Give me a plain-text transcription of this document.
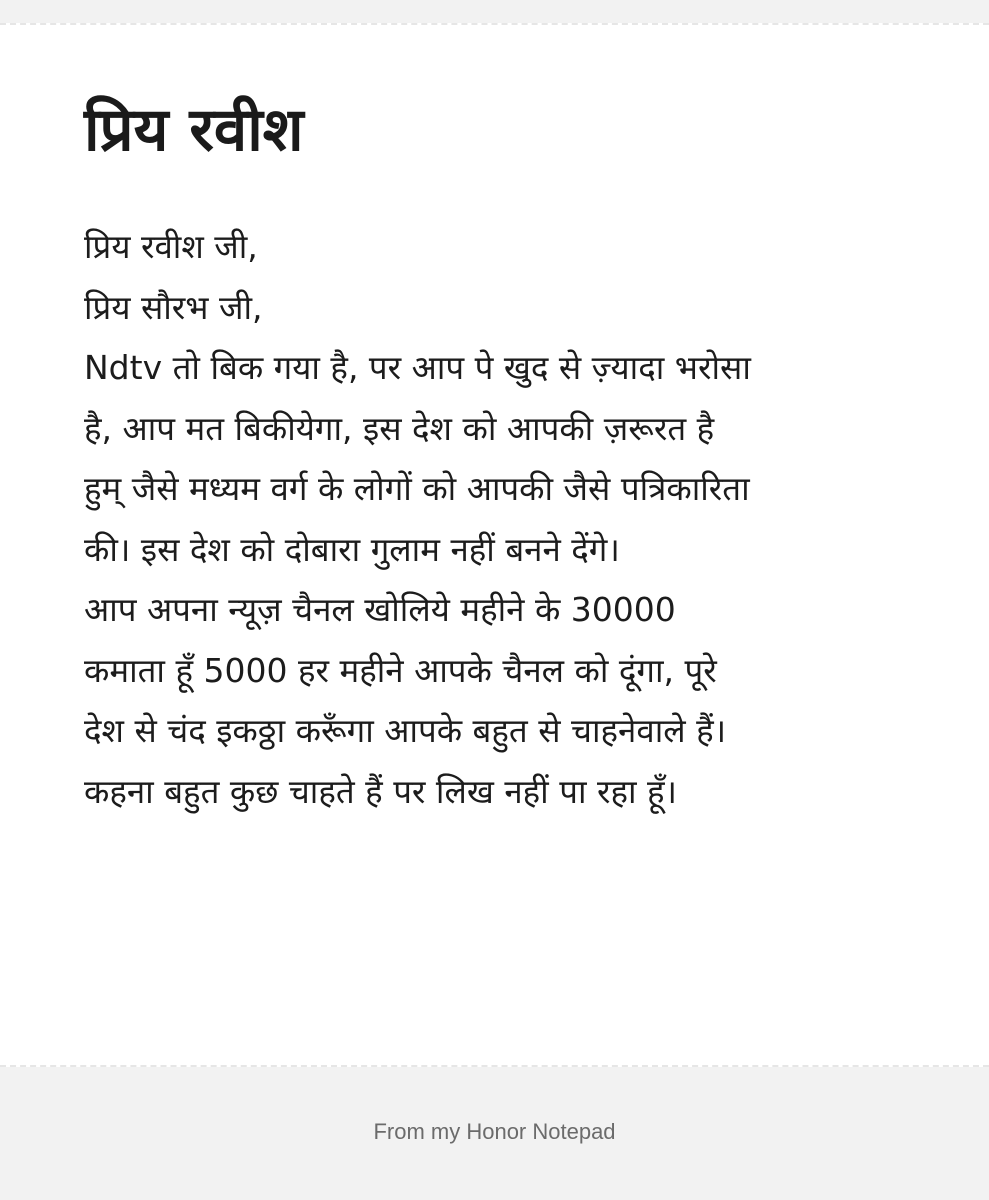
प्रिय रवीश
प्रिय रवीश जी,
प्रिय सौरभ जी,
Ndtv तो बिक गया है, पर आप पे खुद से ज़्यादा भरोसा
है, आप मत बिकीयेगा, इस देश को आपकी ज़रूरत है
हुम् जैसे मध्यम वर्ग के लोगों को आपकी जैसे पत्रिकारिता
की। इस देश को दोबारा गुलाम नहीं बनने देंगे।
आप अपना न्यूज़ चैनल खोलिये महीने के 30000
कमाता हूँ 5000 हर महीने आपके चैनल को दूंगा, पूरे
देश से चंद इकठ्ठा करूँगा आपके बहुत से चाहनेवाले हैं।
कहना बहुत कुछ चाहते हैं पर लिख नहीं पा रहा हूँ।
From my Honor Notepad
